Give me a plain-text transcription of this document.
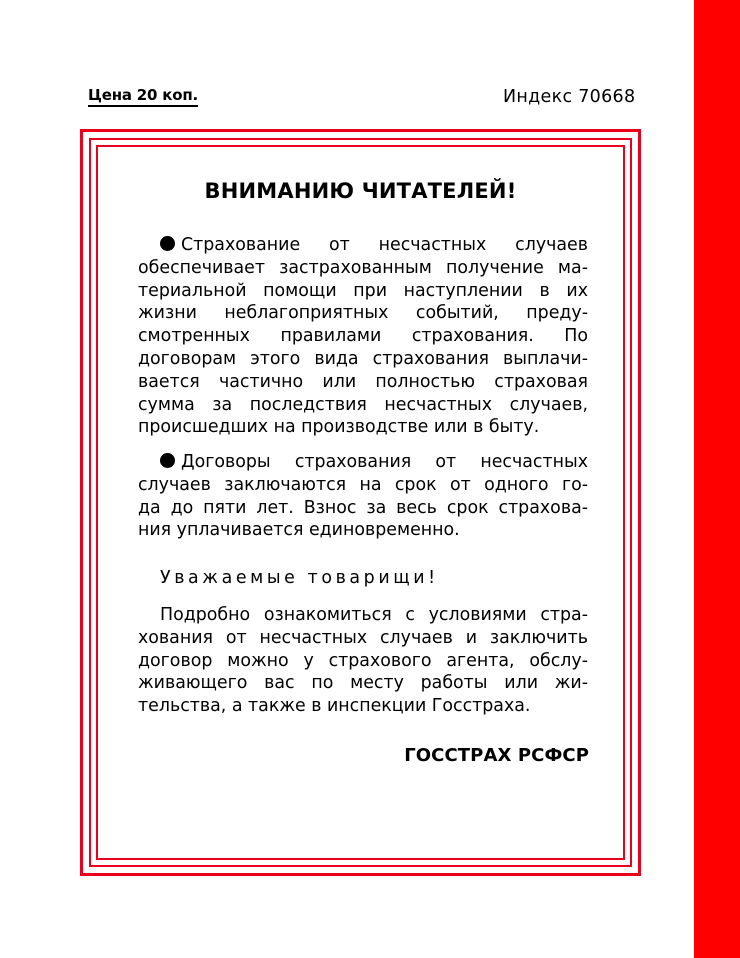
Цена 20 коп.	Индекс 70668
ВНИМАНИЮ ЧИТАТЕЛЕЙ!
Страхование от несчастных случаев
обеспечивает застрахованным получение ма-
териальной помощи при наступлении в их
жизни неблагоприятных событий, преду-
смотренных правилами страхования. По
договорам этого вида страхования выплачи-
вается частично или полностью страховая
сумма за последствия несчастных случаев,
происшедших на производстве или в быту.
Договоры страхования от несчастных
случаев заключаются на срок от одного го-
да до пяти лет. Взнос за весь срок страхова-
ния уплачивается единовременно.
Уважаемые товарищи!
Подробно ознакомиться с условиями стра-
хования от несчастных случаев и заключить
договор можно у страхового агента, обслу-
живающего вас по месту работы или жи-
тельства, а также в инспекции Госстраха.
ГОССТРАХ РСФСР
